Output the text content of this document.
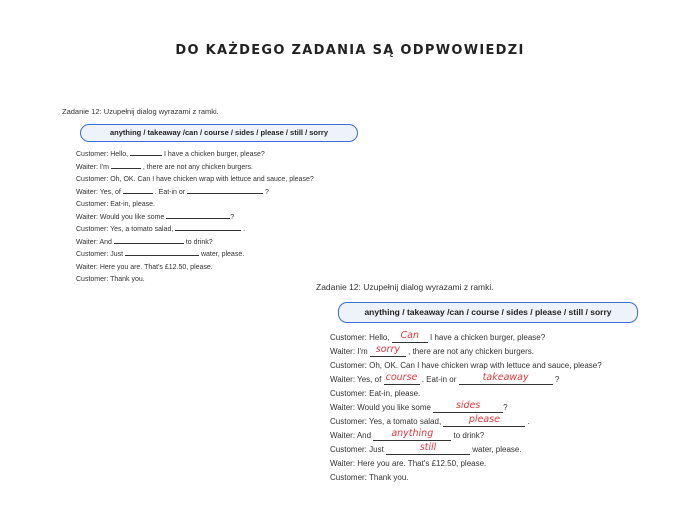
DO KAŻDEGO ZADANIA SĄ ODPWOWIEDZI
Zadanie 12: Uzupełnij dialog wyrazami z ramki.
anything / takeaway /can / course / sides / please / still / sorry
Customer: Hello,	I have a chicken burger, please?
Waiter: I'm	, there are not any chicken burgers.
Customer: Oh, OK. Can I have chicken wrap with lettuce and sauce, please?
Waiter: Yes, of	. Eat-in or	?
Customer: Eat-in, please.
Waiter: Would you like some	?
Customer: Yes, a tomato salad,	.
Waiter: And	to drink?
Customer: Just	water, please.
Waiter: Here you are. That's £12.50, please.
Customer: Thank you.
Zadanie 12: Uzupełnij dialog wyrazami z ramki.
anything / takeaway /can / course / sides / please / still / sorry
Customer: Hello, Can	I have a chicken burger, please?
Waiter: I'm sorry , there are not any chicken burgers.
Customer: Oh, OK. Can I have chicken wrap with lettuce and sauce, please?
Waiter: Yes, of course . Eat-in or	takeaway	?
Customer: Eat-in, please.
Waiter: Would you like some	sides	?
Customer: Yes, a tomato salad,	please	.
Waiter: And	anything	to drink?
Customer: Just	still	water, please.
Waiter: Here you are. That's £12.50, please.
Customer: Thank you.
